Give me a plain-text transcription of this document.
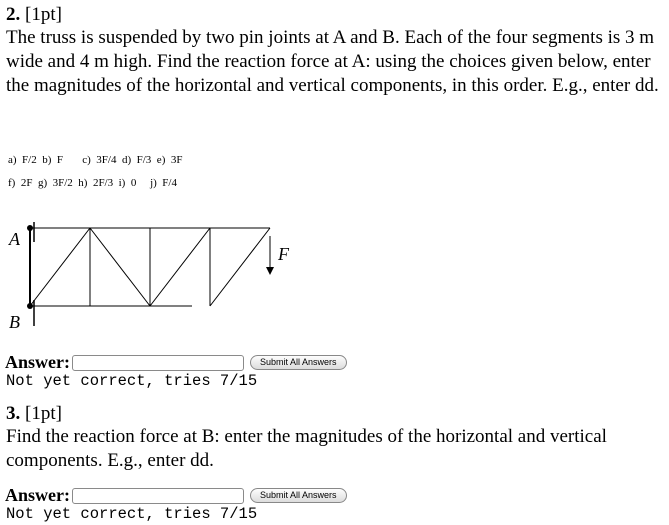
2. [1pt]
The truss is suspended by two pin joints at A and B. Each of the four segments is 3 m wide and 4 m high. Find the reaction force at A: using the choices given below, enter the magnitudes of the horizontal and vertical components, in this order. E.g., enter dd.
a)  F/2  b)  F       c)  3F/4  d)  F/3  e)  3F
f)  2F  g)  3F/2  h)  2F/3  i)  0     j)  F/4
A
B
F
Answer:	Submit All Answers
Not yet correct, tries 7/15
3. [1pt]
Find the reaction force at B: enter the magnitudes of the horizontal and vertical components. E.g., enter dd.
Answer:	Submit All Answers
Not yet correct, tries 7/15
